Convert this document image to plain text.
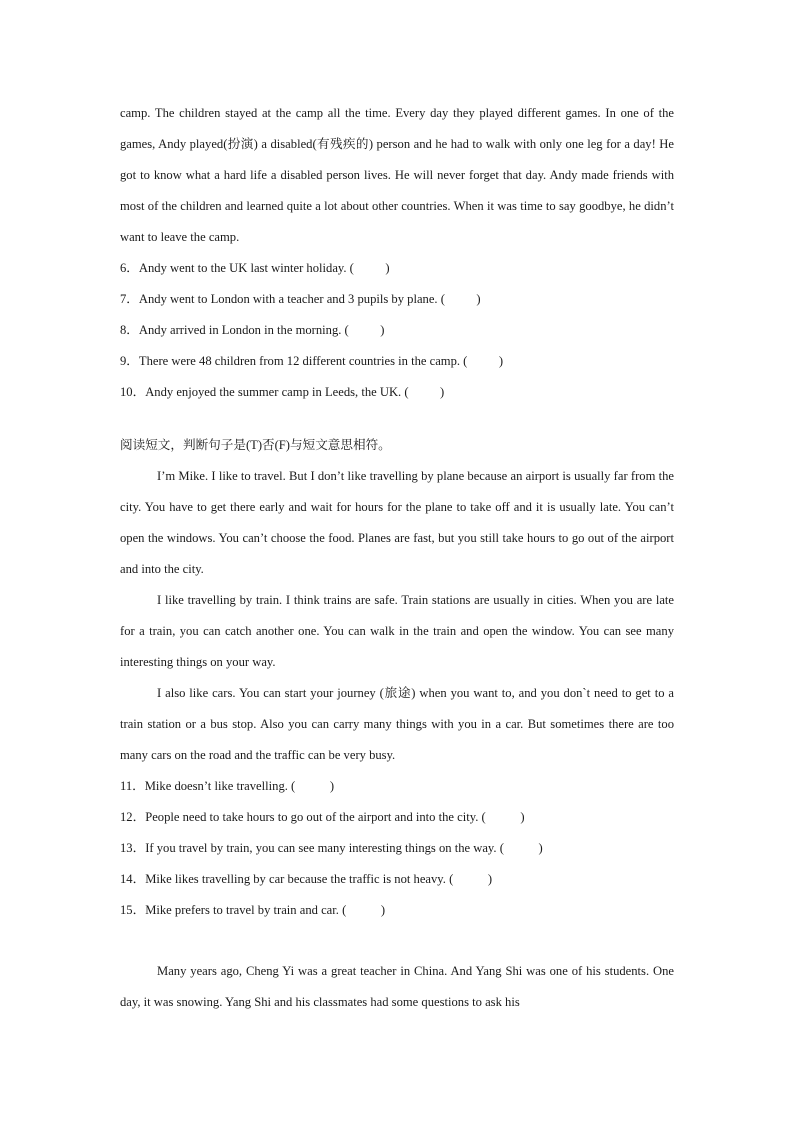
camp. The children stayed at the camp all the time. Every day they played different games. In one of the games, Andy played(扮演) a disabled(有残疾的) person and he had to walk with only one leg for a day! He got to know what a hard life a disabled person lives. He will never forget that day. Andy made friends with most of the children and learned quite a lot about other countries. When it was time to say goodbye, he didn’t want to leave the camp.

6．Andy went to the UK last winter holiday. (          )
7．Andy went to London with a teacher and 3 pupils by plane. (          )
8．Andy arrived in London in the morning. (          )
9．There were 48 children from 12 different countries in the camp. (          )
10．Andy enjoyed the summer camp in Leeds, the UK. (          )

阅读短文，判断句子是(T)否(F)与短文意思相符。

I’m Mike. I like to travel. But I don’t like travelling by plane because an airport is usually far from the city. You have to get there early and wait for hours for the plane to take off and it is usually late. You can’t open the windows. You can’t choose the food. Planes are fast, but you still take hours to go out of the airport and into the city.

I like travelling by train. I think trains are safe. Train stations are usually in cities. When you are late for a train, you can catch another one. You can walk in the train and open the window. You can see many interesting things on your way.

I also like cars. You can start your journey (旅途) when you want to, and you don`t need to get to a train station or a bus stop. Also you can carry many things with you in a car. But sometimes there are too many cars on the road and the traffic can be very busy.

11．Mike doesn’t like travelling. (           )
12．People need to take hours to go out of the airport and into the city. (           )
13．If you travel by train, you can see many interesting things on the way. (           )
14．Mike likes travelling by car because the traffic is not heavy. (           )
15．Mike prefers to travel by train and car. (           )

Many years ago, Cheng Yi was a great teacher in China. And Yang Shi was one of his students. One day, it was snowing. Yang Shi and his classmates had some questions to ask his
